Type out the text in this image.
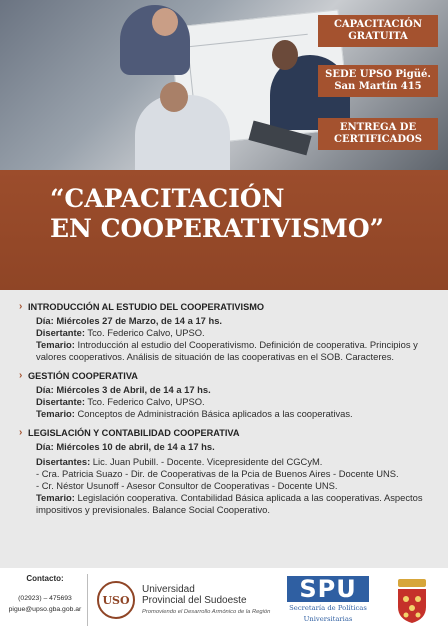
CAPACITACIÓN GRATUITA
SEDE UPSO Pigüé. San Martín 415
ENTREGA DE CERTIFICADOS
“CAPACITACIÓN
EN COOPERATIVISMO”
› INTRODUCCIÓN AL ESTUDIO DEL COOPERATIVISMO
Día: Miércoles 27 de Marzo, de 14 a 17 hs.
Disertante: Tco. Federico Calvo, UPSO.
Temario: Introducción al estudio del Cooperativismo. Definición de cooperativa. Principios y valores cooperativos. Análisis de situación de las cooperativas en el SOB. Caracteres.
› GESTIÓN COOPERATIVA
Día: Miércoles 3 de Abril, de 14 a 17 hs.
Disertante: Tco. Federico Calvo, UPSO.
Temario: Conceptos de Administración Básica aplicados a las cooperativas.
› LEGISLACIÓN Y CONTABILIDAD COOPERATIVA
Día: Miércoles 10 de abril, de 14 a 17 hs.
Disertantes: Lic. Juan Pubill. - Docente. Vicepresidente del CGCyM.
- Cra. Patricia Suazo - Dir. de Cooperativas de la Pcia de Buenos Aires - Docente UNS.
- Cr. Néstor Usunoff - Asesor Consultor de Cooperativas - Docente UNS.
Temario: Legislación cooperativa. Contabilidad Básica aplicada a las cooperativas. Aspectos impositivos y previsionales. Balance Social Cooperativo.
Contacto:
(02923) – 475693
pigue@upso.gba.gob.ar
USO
Universidad
Provincial del Sudoeste
Promoviendo el Desarrollo Armónico de la Región
SPU
Secretaría de Políticas
Universitarias
